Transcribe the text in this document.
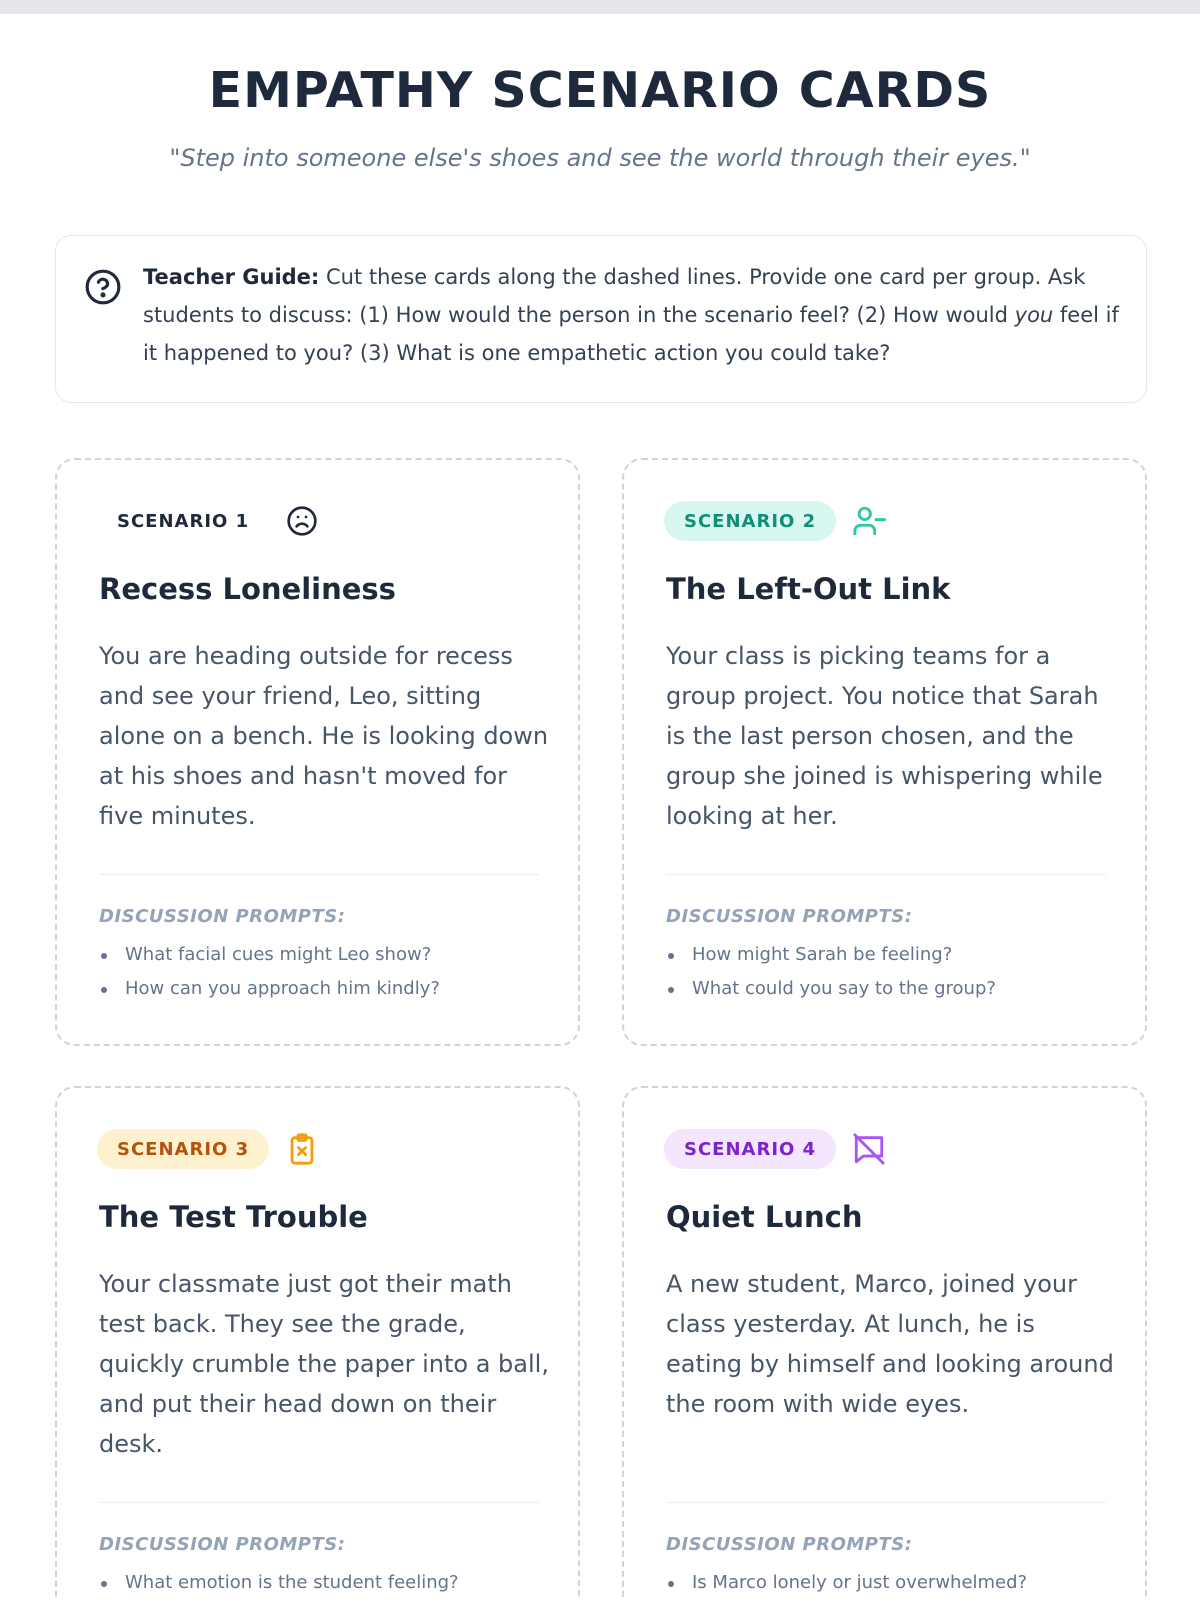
EMPATHY SCENARIO CARDS

"Step into someone else's shoes and see the world through their eyes."

Teacher Guide: Cut these cards along the dashed lines. Provide one card per group. Ask students to discuss: (1) How would the person in the scenario feel? (2) How would you feel if it happened to you? (3) What is one empathetic action you could take?
SCENARIO 1
Recess Loneliness

You are heading outside for recess and see your friend, Leo, sitting alone on a bench. He is looking down at his shoes and hasn't moved for five minutes.

DISCUSSION PROMPTS:
What facial cues might Leo show?
How can you approach him kindly?
SCENARIO 2
The Left-Out Link

Your class is picking teams for a group project. You notice that Sarah is the last person chosen, and the group she joined is whispering while looking at her.

DISCUSSION PROMPTS:
How might Sarah be feeling?
What could you say to the group?
SCENARIO 3
The Test Trouble

Your classmate just got their math test back. They see the grade, quickly crumble the paper into a ball, and put their head down on their desk.

DISCUSSION PROMPTS:
What emotion is the student feeling?
SCENARIO 4
Quiet Lunch

A new student, Marco, joined your class yesterday. At lunch, he is eating by himself and looking around the room with wide eyes.

DISCUSSION PROMPTS:
Is Marco lonely or just overwhelmed?
